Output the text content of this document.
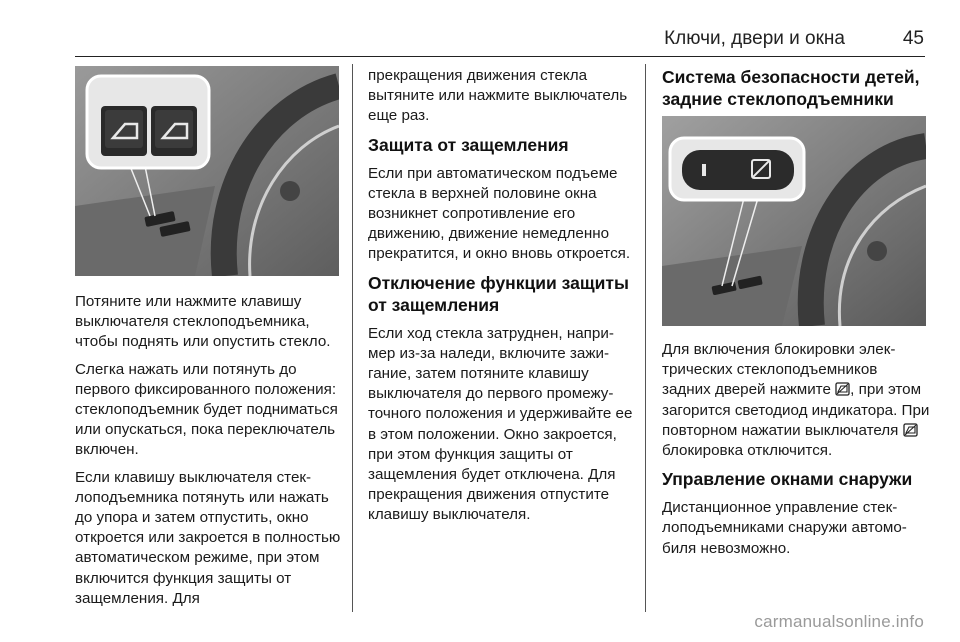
Ключи, двери и окна	45

Потяните или нажмите клавишу выключателя стеклоподъемника, чтобы поднять или опустить стекло.

Слегка нажать или потянуть до первого фиксированного положения: стеклоподъемник будет подниматься или опускаться, пока переключатель включен.

Если клавишу выключателя стеклоподъемника потянуть или нажать до упора и затем отпустить, окно откроется или закроется в полностью автоматическом режиме, при этом включится функция защиты от защемления. Для

прекращения движения стекла вытяните или нажмите выключатель еще раз.

Защита от защемления

Если при автоматическом подъеме стекла в верхней половине окна возникнет сопротивление его движению, движение немедленно прекратится, и окно вновь откроется.

Отключение функции защиты от защемления

Если ход стекла затруднен, например из-за наледи, включите зажигание, затем потяните клавишу выключателя до первого промежуточного положения и удерживайте ее в этом положении. Окно закроется, при этом функция защиты от защемления будет отключена. Для прекращения движения отпустите клавишу выключателя.

Система безопасности детей, задние стеклоподъемники

Для включения блокировки электрических стеклоподъемников задних дверей нажмите , при этом загорится светодиод индикатора. При повторном нажатии выключателя  блокировка отключится.

Управление окнами снаружи

Дистанционное управление стеклоподъемниками снаружи автомобиля невозможно.

carmanualsonline.info
